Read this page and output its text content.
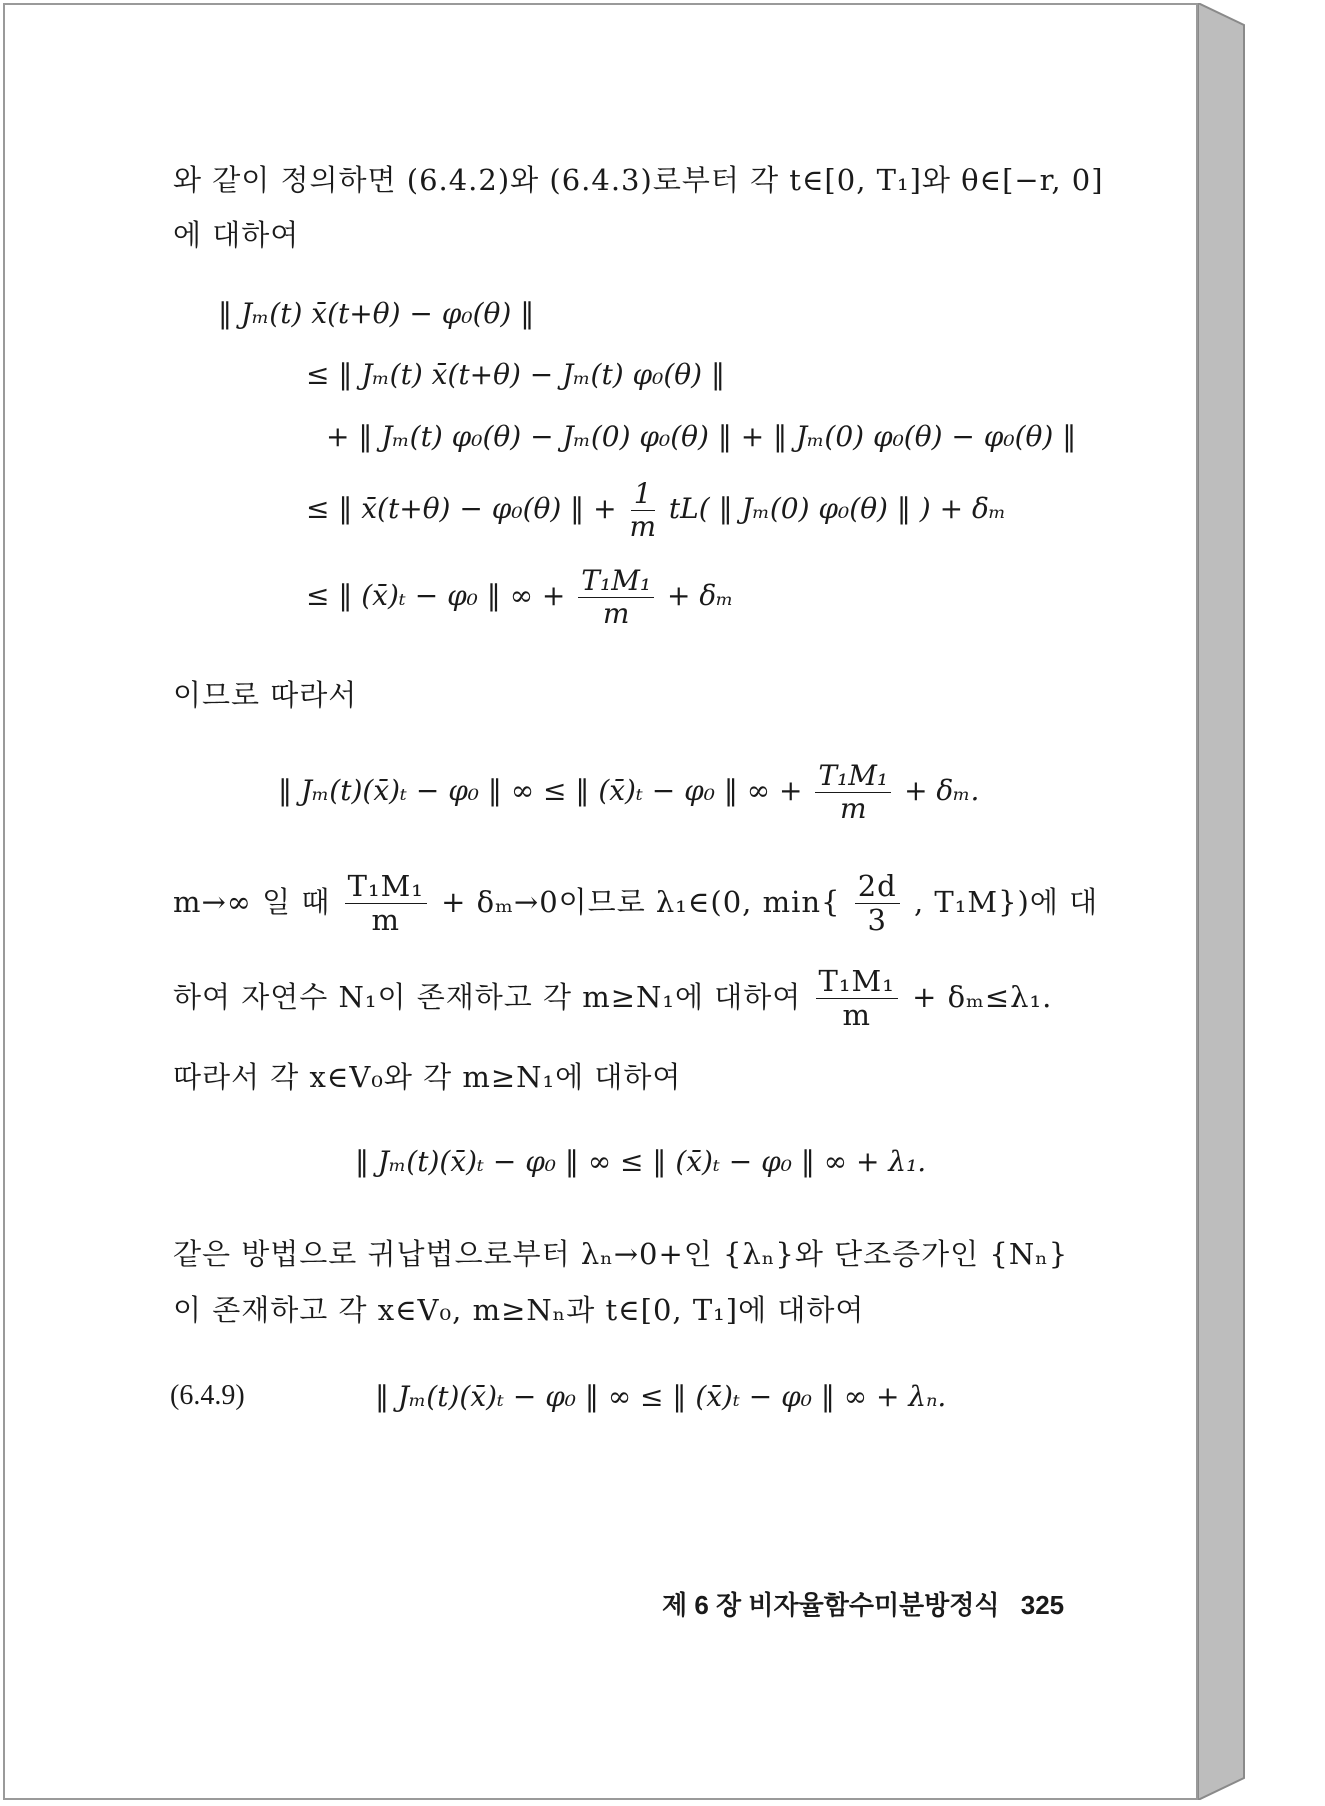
와 같이 정의하면 (6.4.2)와 (6.4.3)로부터 각 t∈[0, T₁]와 θ∈[−r, 0]
에 대하여
‖ Jₘ(t) x̄(t+θ) − φ₀(θ) ‖
≤ ‖ Jₘ(t) x̄(t+θ) − Jₘ(t) φ₀(θ) ‖
+ ‖ Jₘ(t) φ₀(θ) − Jₘ(0) φ₀(θ) ‖ + ‖ Jₘ(0) φ₀(θ) − φ₀(θ) ‖
≤ ‖ x̄(t+θ) − φ₀(θ) ‖ + $\frac{1}{m} tL$( ‖ Jₘ(0) φ₀(θ) ‖ ) + δₘ
≤ ‖ (x̄)ₜ − φ₀ ‖ ∞ + $\frac{\text{T₁M₁}}{m} + \delta_m$
이므로 따라서
‖ Jₘ(t)(x̄)ₜ − φ₀ ‖ ∞ ≤ ‖ (x̄)ₜ − φ₀ ‖ ∞ + $\frac{\text{T₁M₁}}{m} + \delta_m$.
m→∞ 일 때 $\frac{\text{T₁M₁}}{m} + \delta_m\to 0$이므로 λ₁∈(0, $\min\{ \frac{2d}{3}$ , T₁M})에 대
하여 자연수 N₁이 존재하고 각 m≥N₁에 대하여 $\frac{\text{T₁M₁}}{m} + \delta_m\le\lambda_1$.
따라서 각 x∈V₀와 각 m≥N₁에 대하여
‖ Jₘ(t)(x̄)ₜ − φ₀ ‖ ∞ ≤ ‖ (x̄)ₜ − φ₀ ‖ ∞ + λ₁.
같은 방법으로 귀납법으로부터 λₙ→0+인 {λₙ}와 단조증가인 {Nₙ}
이 존재하고 각 x∈V₀, m≥Nₙ과 t∈[0, T₁]에 대하여
(6.4.9)	‖ Jₘ(t)(x̄)ₜ − φ₀ ‖ ∞ ≤ ‖ (x̄)ₜ − φ₀ ‖ ∞ + λₙ.
제 6 장 비자율함수미분방정식 325
